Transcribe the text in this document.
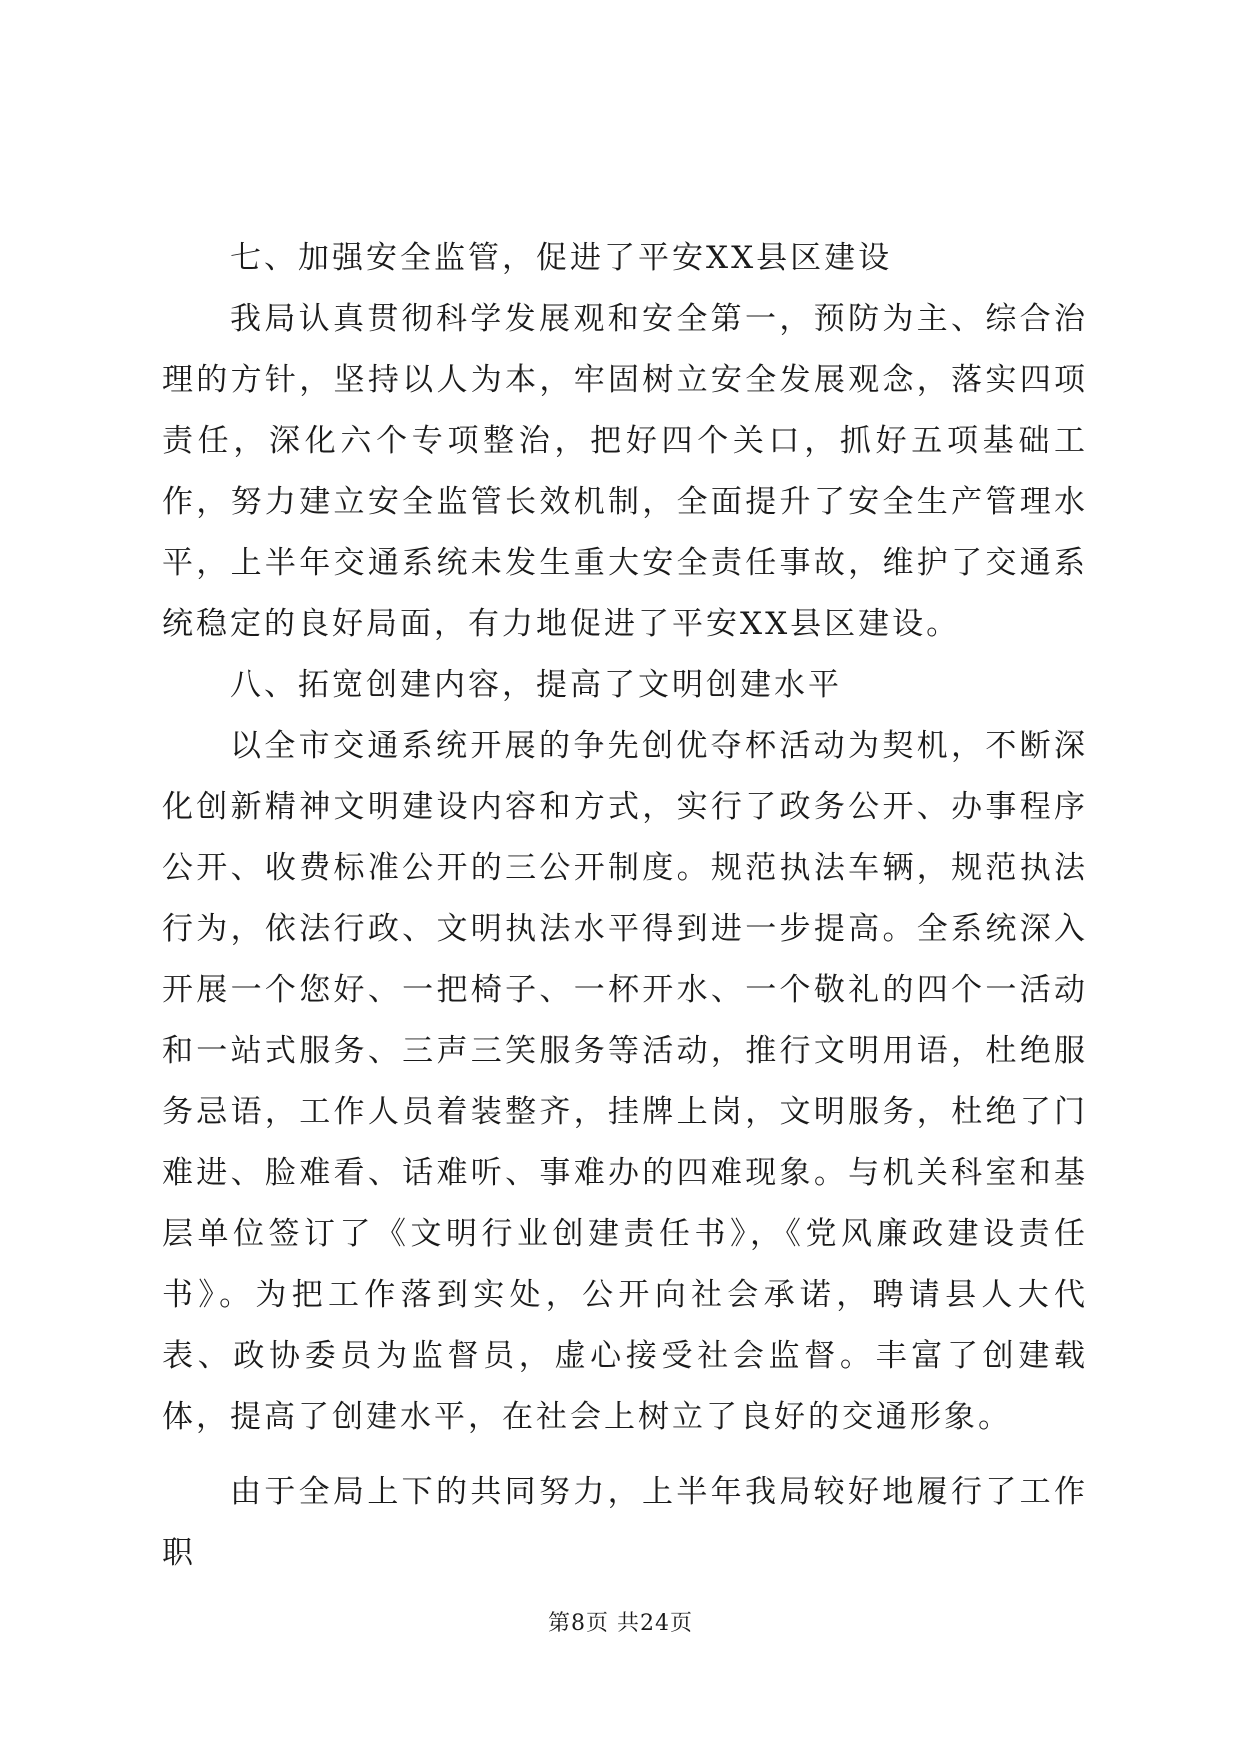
七、加强安全监管，促进了平安XX县区建设

我局认真贯彻科学发展观和安全第一，预防为主、综合治理的方针，坚持以人为本，牢固树立安全发展观念，落实四项责任，深化六个专项整治，把好四个关口，抓好五项基础工作，努力建立安全监管长效机制，全面提升了安全生产管理水平，上半年交通系统未发生重大安全责任事故，维护了交通系统稳定的良好局面，有力地促进了平安XX县区建设。

八、拓宽创建内容，提高了文明创建水平

以全市交通系统开展的争先创优夺杯活动为契机，不断深化创新精神文明建设内容和方式，实行了政务公开、办事程序公开、收费标准公开的三公开制度。规范执法车辆，规范执法行为，依法行政、文明执法水平得到进一步提高。全系统深入开展一个您好、一把椅子、一杯开水、一个敬礼的四个一活动和一站式服务、三声三笑服务等活动，推行文明用语，杜绝服务忌语，工作人员着装整齐，挂牌上岗，文明服务，杜绝了门难进、脸难看、话难听、事难办的四难现象。与机关科室和基层单位签订了《文明行业创建责任书》，《党风廉政建设责任书》。为把工作落到实处，公开向社会承诺，聘请县人大代表、政协委员为监督员，虚心接受社会监督。丰富了创建载体，提高了创建水平，在社会上树立了良好的交通形象。

由于全局上下的共同努力，上半年我局较好地履行了工作职

第8页 共24页
